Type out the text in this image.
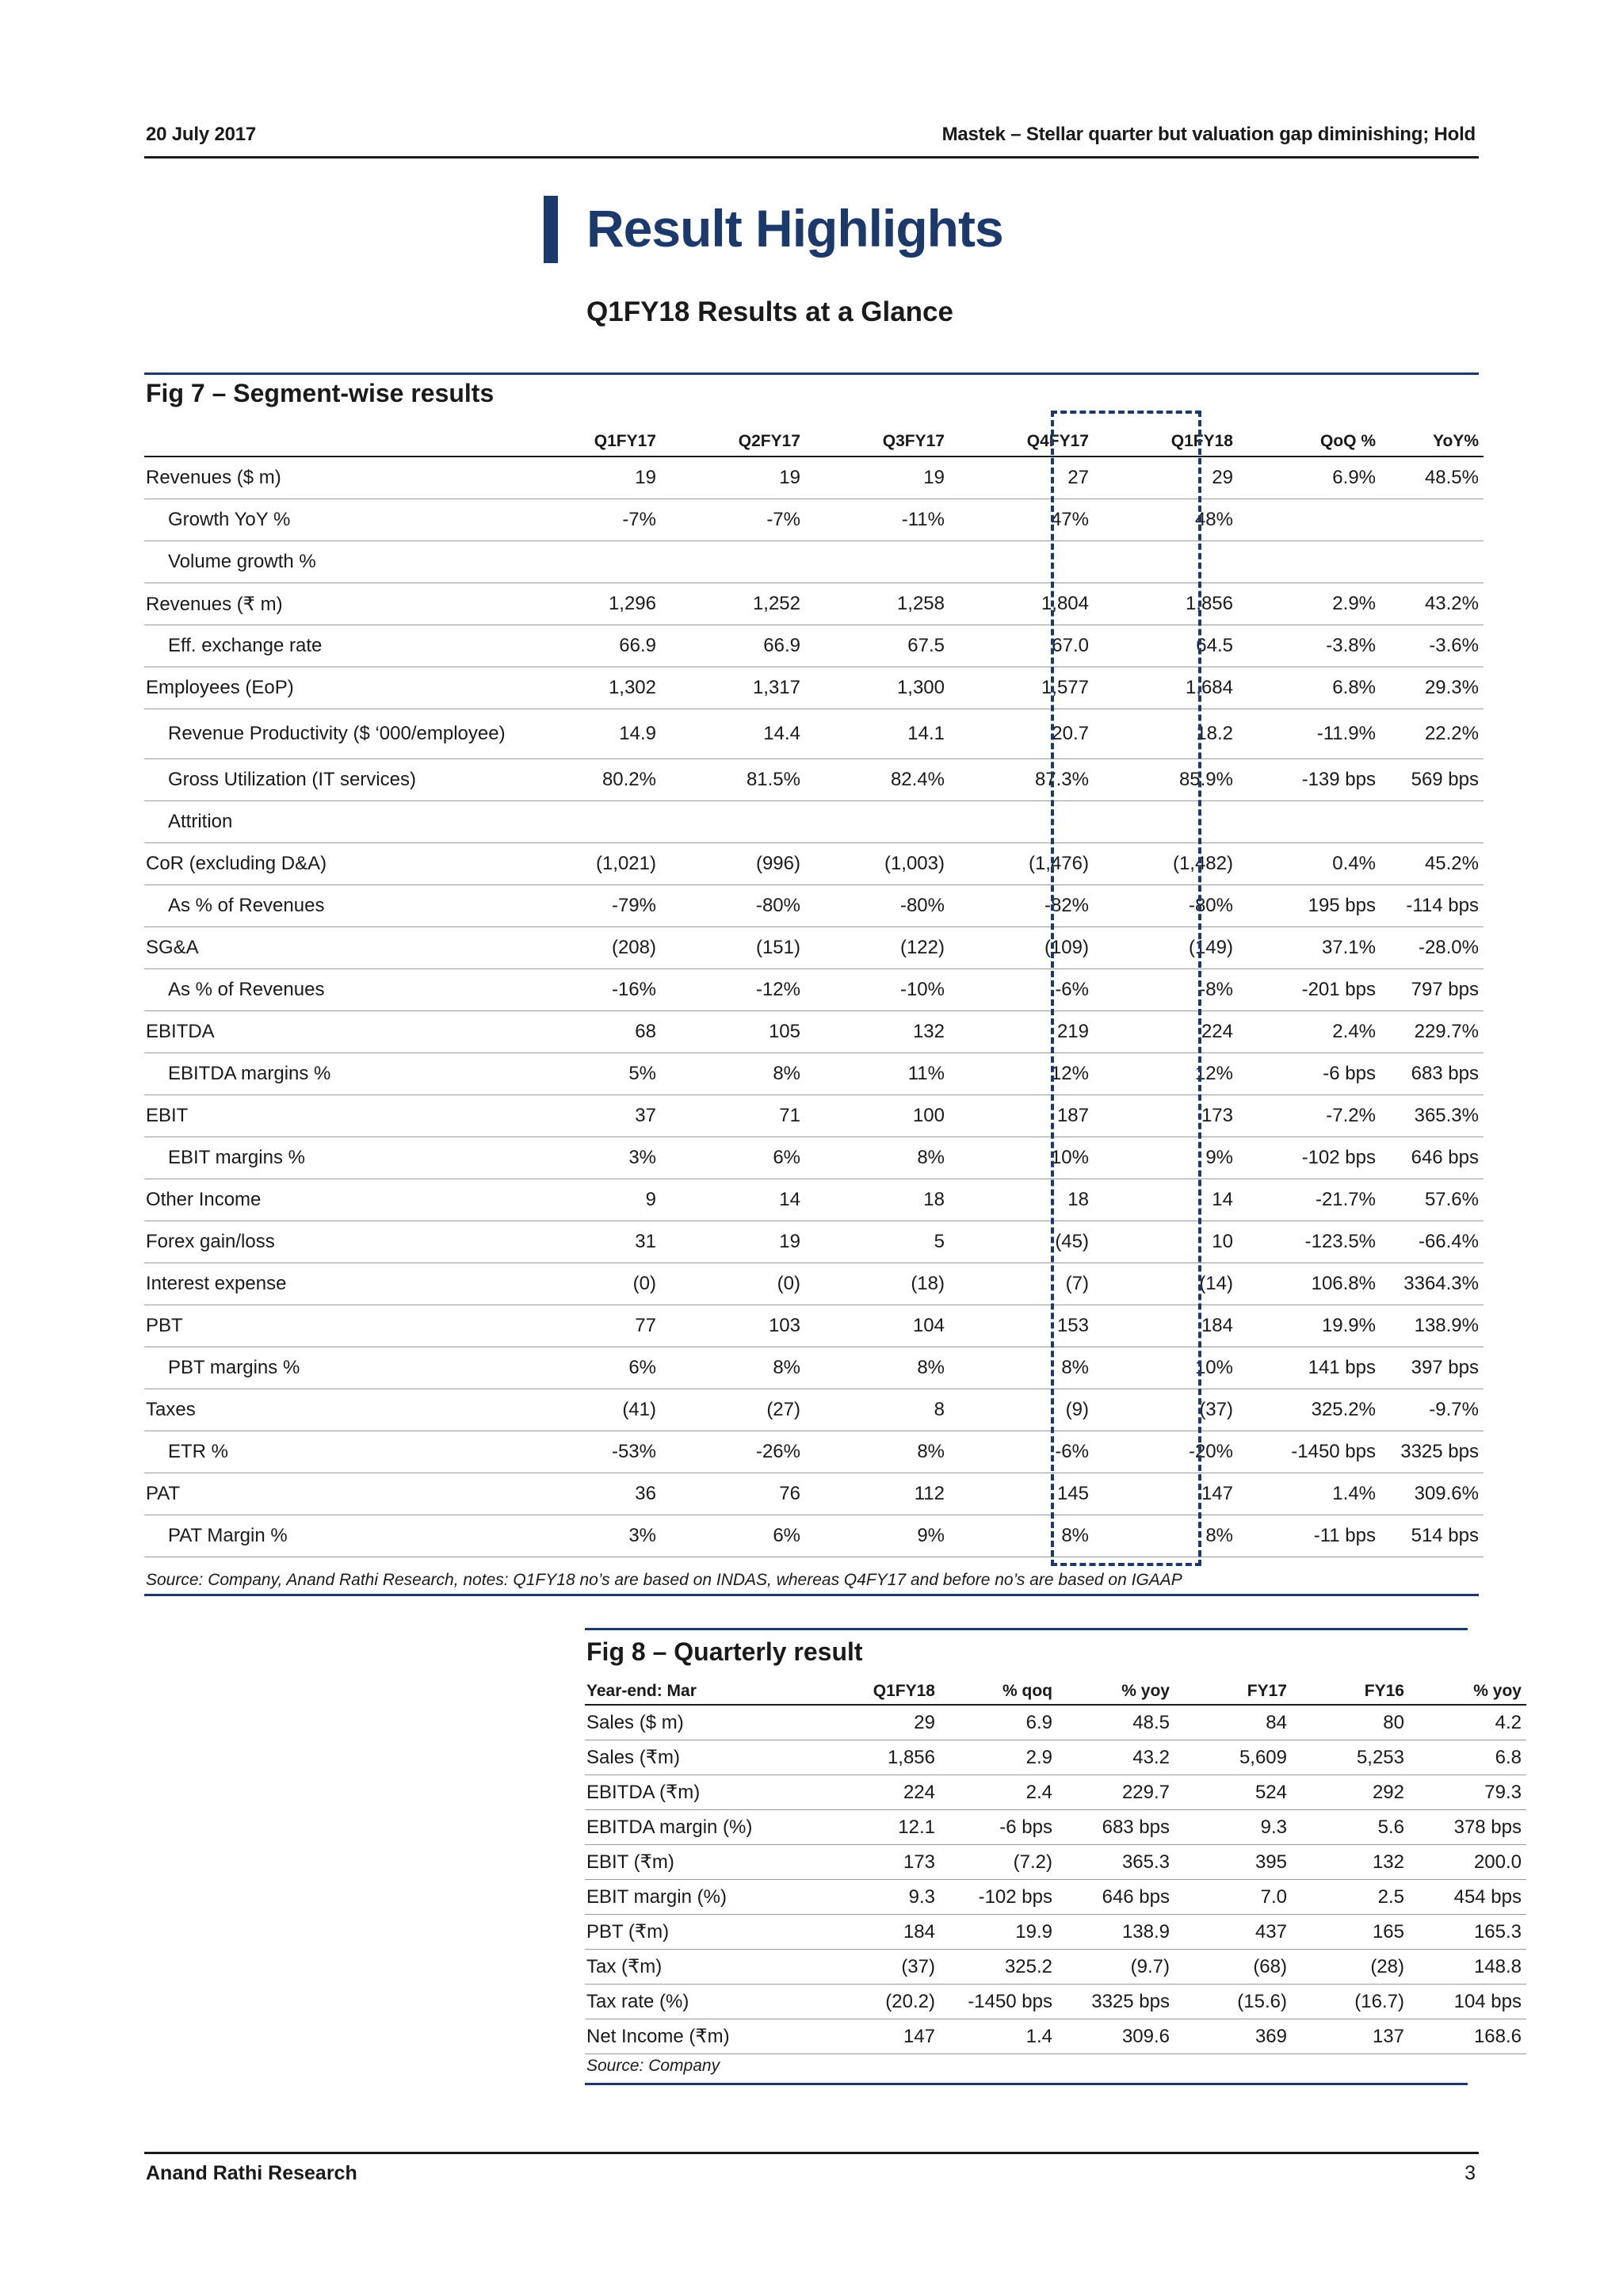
20 July 2017	Mastek – Stellar quarter but valuation gap diminishing; Hold
Result Highlights
Q1FY18 Results at a Glance
Fig 7 – Segment-wise results
	Q1FY17	Q2FY17	Q3FY17	Q4FY17	Q1FY18	QoQ %	YoY%
Revenues ($ m)	19	19	19	27	29	6.9%	48.5%
Growth YoY %	-7%	-7%	-11%	47%	48%		
Volume growth %							
Revenues (₹ m)	1,296	1,252	1,258	1,804	1,856	2.9%	43.2%
Eff. exchange rate	66.9	66.9	67.5	67.0	64.5	-3.8%	-3.6%
Employees (EoP)	1,302	1,317	1,300	1,577	1,684	6.8%	29.3%
Revenue Productivity ($ ‘000/employee)	14.9	14.4	14.1	20.7	18.2	-11.9%	22.2%
Gross Utilization (IT services)	80.2%	81.5%	82.4%	87.3%	85.9%	-139 bps	569 bps
Attrition							
CoR (excluding D&A)	(1,021)	(996)	(1,003)	(1,476)	(1,482)	0.4%	45.2%
As % of Revenues	-79%	-80%	-80%	-82%	-80%	195 bps	-114 bps
SG&A	(208)	(151)	(122)	(109)	(149)	37.1%	-28.0%
As % of Revenues	-16%	-12%	-10%	-6%	-8%	-201 bps	797 bps
EBITDA	68	105	132	219	224	2.4%	229.7%
EBITDA margins %	5%	8%	11%	12%	12%	-6 bps	683 bps
EBIT	37	71	100	187	173	-7.2%	365.3%
EBIT margins %	3%	6%	8%	10%	9%	-102 bps	646 bps
Other Income	9	14	18	18	14	-21.7%	57.6%
Forex gain/loss	31	19	5	(45)	10	-123.5%	-66.4%
Interest expense	(0)	(0)	(18)	(7)	(14)	106.8%	3364.3%
PBT	77	103	104	153	184	19.9%	138.9%
PBT margins %	6%	8%	8%	8%	10%	141 bps	397 bps
Taxes	(41)	(27)	8	(9)	(37)	325.2%	-9.7%
ETR %	-53%	-26%	8%	-6%	-20%	-1450 bps	3325 bps
PAT	36	76	112	145	147	1.4%	309.6%
PAT Margin %	3%	6%	9%	8%	8%	-11 bps	514 bps
Source: Company, Anand Rathi Research, notes: Q1FY18 no’s are based on INDAS, whereas Q4FY17 and before no’s are based on IGAAP
Fig 8 – Quarterly result
Year-end: Mar	Q1FY18	% qoq	% yoy	FY17	FY16	% yoy
Sales ($ m)	29	6.9	48.5	84	80	4.2
Sales (₹m)	1,856	2.9	43.2	5,609	5,253	6.8
EBITDA (₹m)	224	2.4	229.7	524	292	79.3
EBITDA margin (%)	12.1	-6 bps	683 bps	9.3	5.6	378 bps
EBIT (₹m)	173	(7.2)	365.3	395	132	200.0
EBIT margin (%)	9.3	-102 bps	646 bps	7.0	2.5	454 bps
PBT (₹m)	184	19.9	138.9	437	165	165.3
Tax (₹m)	(37)	325.2	(9.7)	(68)	(28)	148.8
Tax rate (%)	(20.2)	-1450 bps	3325 bps	(15.6)	(16.7)	104 bps
Net Income (₹m)	147	1.4	309.6	369	137	168.6
Source: Company
Anand Rathi Research	3
